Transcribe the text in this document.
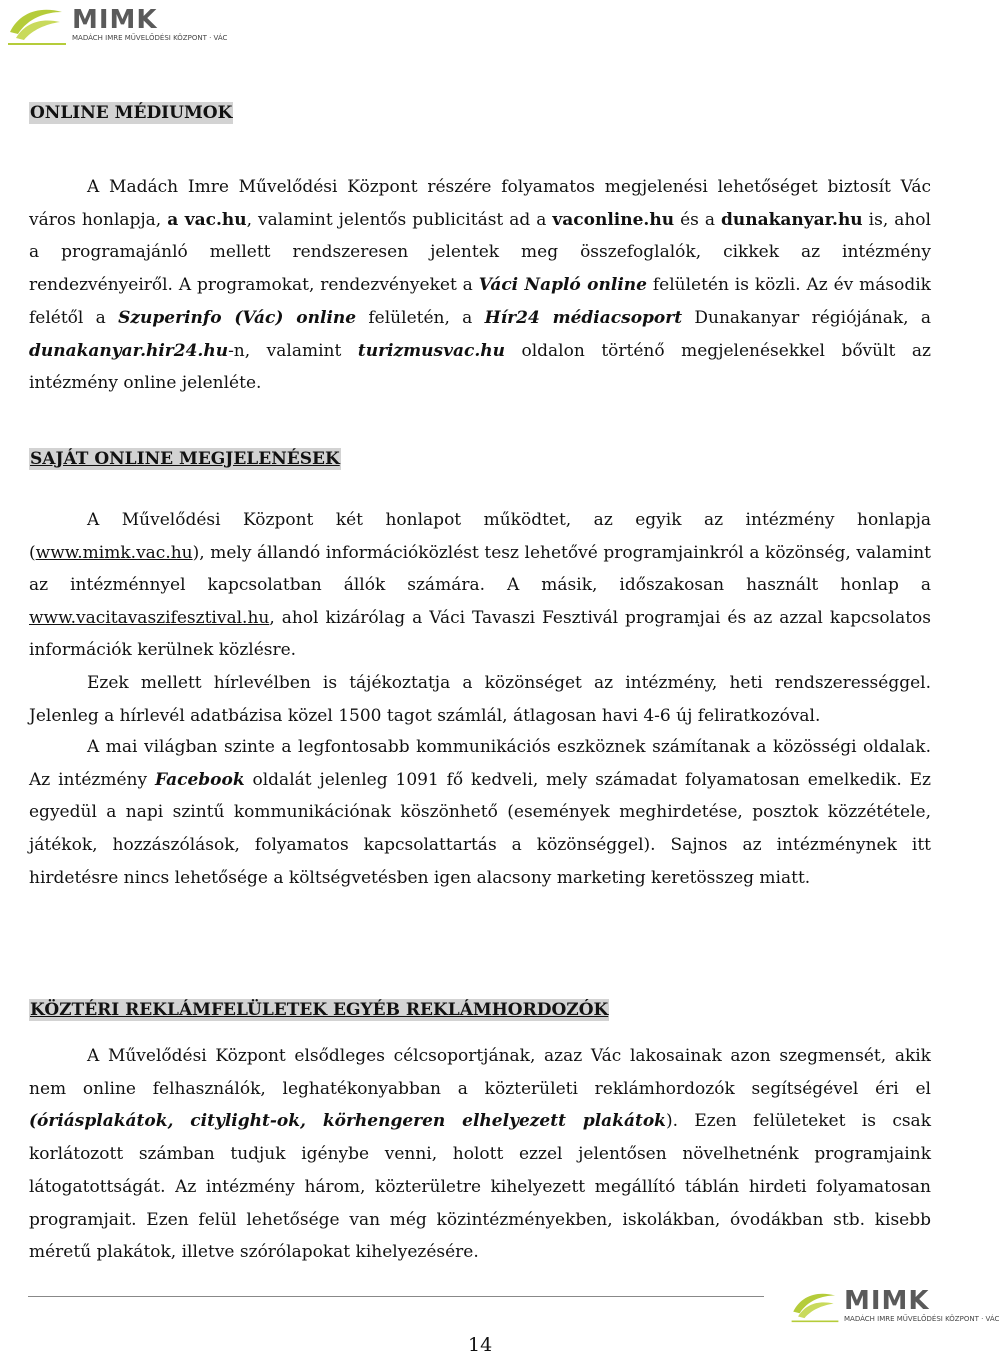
MIMK
MADÁCH IMRE MŰVELŐDÉSI KÖZPONT · VÁC
ONLINE MÉDIUMOK

A Madách Imre Művelődési Központ részére folyamatos megjelenési lehetőséget biztosít Vác város honlapja, a vac.hu, valamint jelentős publicitást ad a vaconline.hu és a dunakanyar.hu is, ahol a programajánló mellett rendszeresen jelentek meg összefoglalók, cikkek az intézmény rendezvényeiről. A programokat, rendezvényeket a Váci Napló online felületén is közli. Az év második felétől a Szuperinfo (Vác) online felületén, a Hír24 médiacsoport Dunakanyar régiójának, a dunakanyar.hir24.hu-n, valamint turizmusvac.hu oldalon történő megjelenésekkel bővült az intézmény online jelenléte.

SAJÁT ONLINE MEGJELENÉSEK

A Művelődési Központ két honlapot működtet, az egyik az intézmény honlapja (www.mimk.vac.hu), mely állandó információközlést tesz lehetővé programjainkról a közönség, valamint az intézménnyel kapcsolatban állók számára. A másik, időszakosan használt honlap a www.vacitavaszifesztival.hu, ahol kizárólag a Váci Tavaszi Fesztivál programjai és az azzal kapcsolatos információk kerülnek közlésre.

Ezek mellett hírlevélben is tájékoztatja a közönséget az intézmény, heti rendszerességgel. Jelenleg a hírlevél adatbázisa közel 1500 tagot számlál, átlagosan havi 4-6 új feliratkozóval.

A mai világban szinte a legfontosabb kommunikációs eszköznek számítanak a közösségi oldalak. Az intézmény Facebook oldalát jelenleg 1091 fő kedveli, mely számadat folyamatosan emelkedik. Ez egyedül a napi szintű kommunikációnak köszönhető (események meghirdetése, posztok közzététele, játékok, hozzászólások, folyamatos kapcsolattartás a közönséggel). Sajnos az intézménynek itt hirdetésre nincs lehetősége a költségvetésben igen alacsony marketing keretösszeg miatt.

KÖZTÉRI REKLÁMFELÜLETEK EGYÉB REKLÁMHORDOZÓK

A Művelődési Központ elsődleges célcsoportjának, azaz Vác lakosainak azon szegmensét, akik nem online felhasználók, leghatékonyabban a közterületi reklámhordozók segítségével éri el (óriásplakátok, citylight-ok, körhengeren elhelyezett plakátok). Ezen felületeket is csak korlátozott számban tudjuk igénybe venni, holott ezzel jelentősen növelhetnénk programjaink látogatottságát. Az intézmény három, közterületre kihelyezett megállító táblán hirdeti folyamatosan programjait. Ezen felül lehetősége van még közintézményekben, iskolákban, óvodákban stb. kisebb méretű plakátok, illetve szórólapokat kihelyezésére.

14
MIMK
MADÁCH IMRE MŰVELŐDÉSI KÖZPONT · VÁC
